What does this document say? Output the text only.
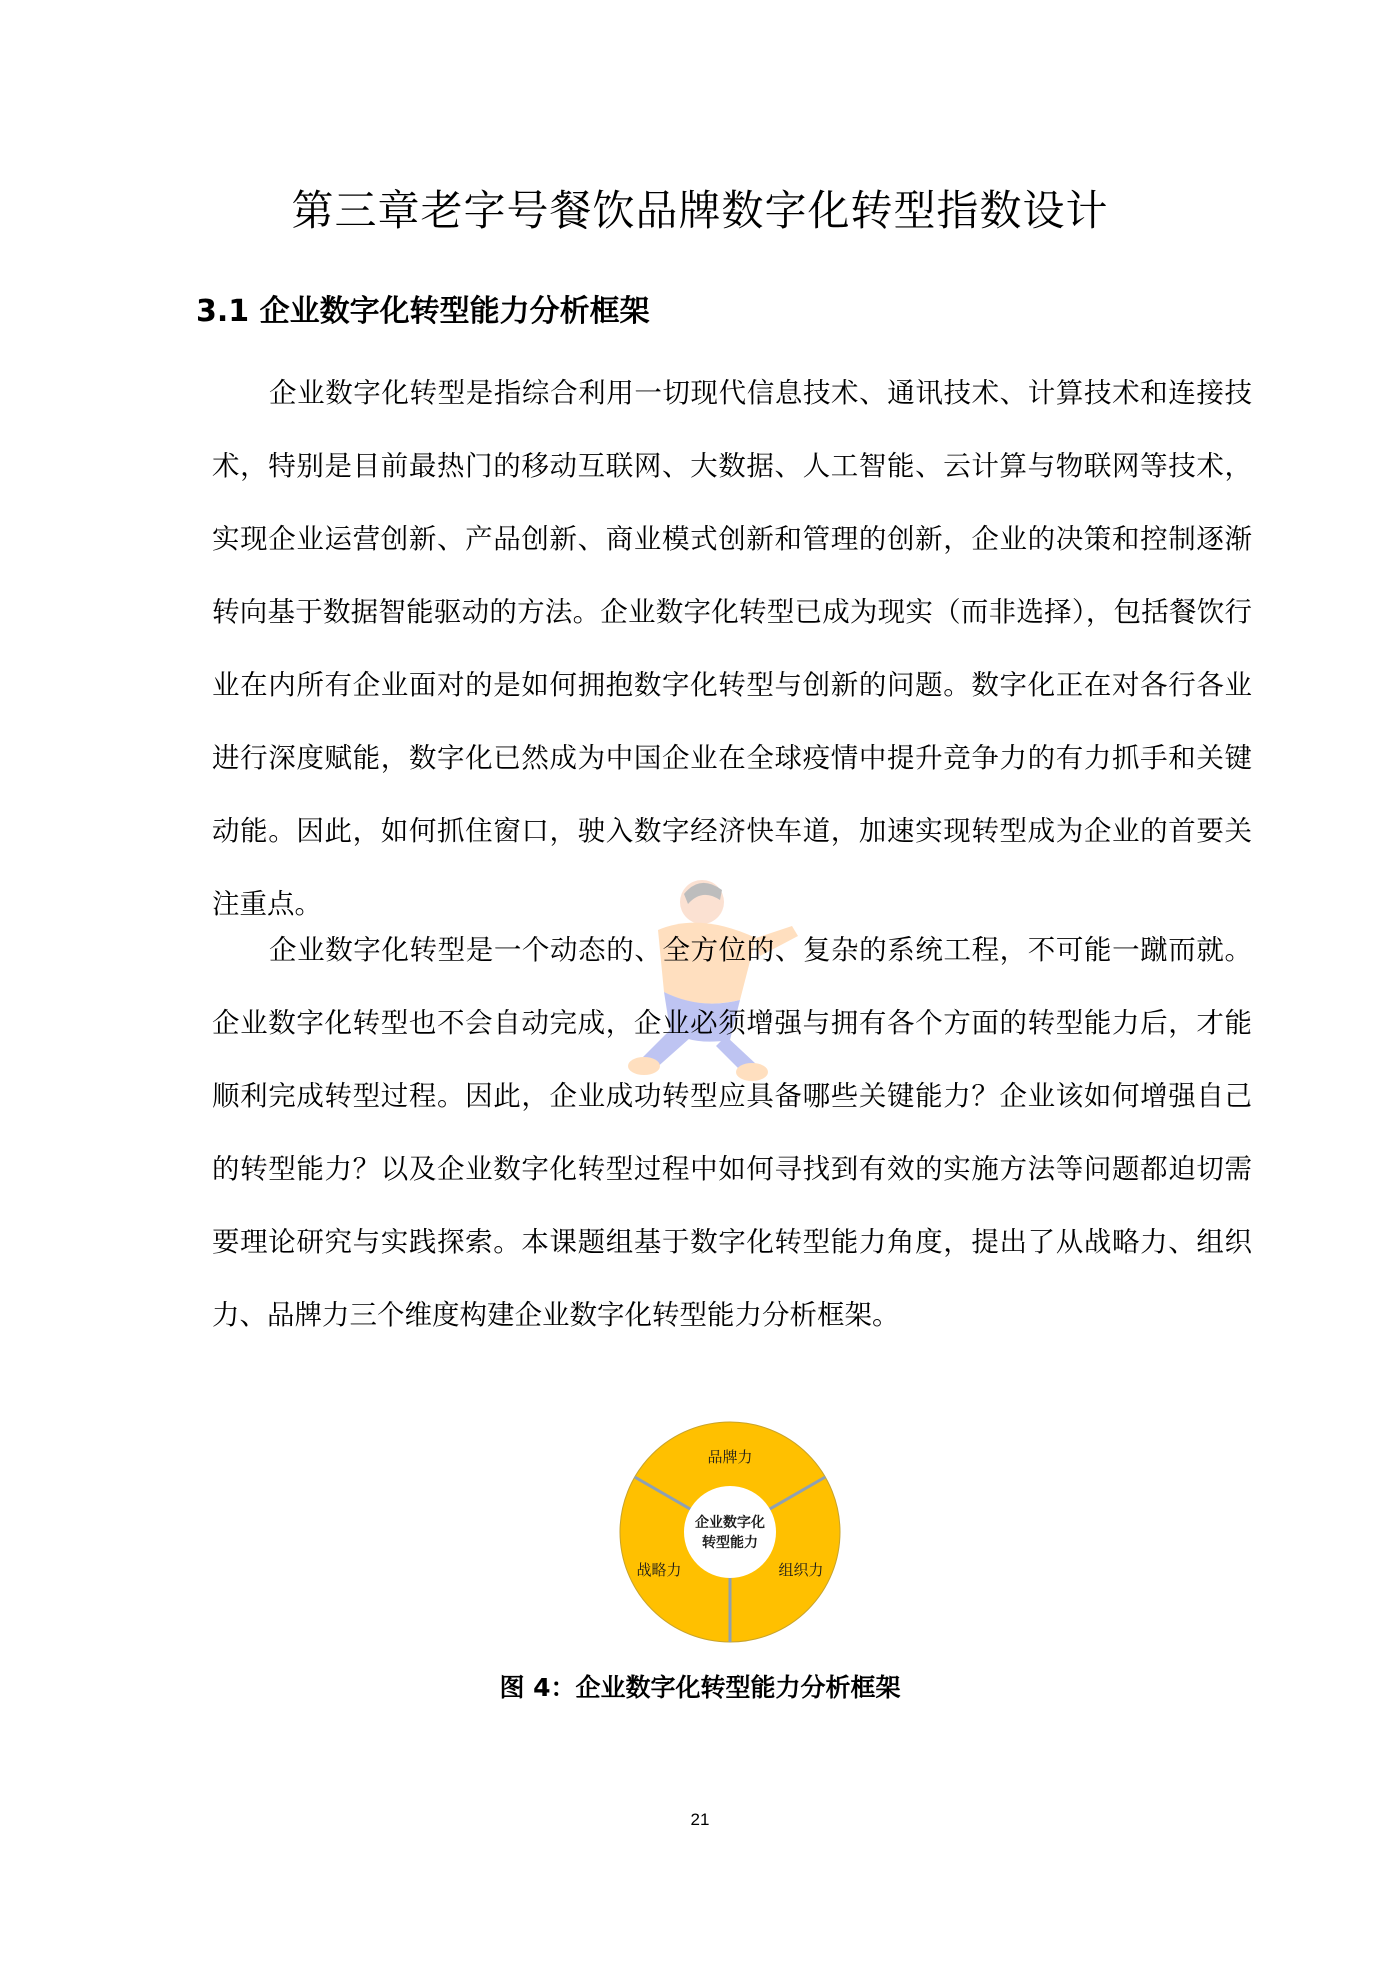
第三章老字号餐饮品牌数字化转型指数设计
3.1 企业数字化转型能力分析框架

企业数字化转型是指综合利用一切现代信息技术、通讯技术、计算技术和连接技术，特别是目前最热门的移动互联网、大数据、人工智能、云计算与物联网等技术，实现企业运营创新、产品创新、商业模式创新和管理的创新，企业的决策和控制逐渐转向基于数据智能驱动的方法。企业数字化转型已成为现实（而非选择），包括餐饮行业在内所有企业面对的是如何拥抱数字化转型与创新的问题。数字化正在对各行各业进行深度赋能，数字化已然成为中国企业在全球疫情中提升竞争力的有力抓手和关键动能。因此，如何抓住窗口，驶入数字经济快车道，加速实现转型成为企业的首要关注重点。

企业数字化转型是一个动态的、全方位的、复杂的系统工程，不可能一蹴而就。企业数字化转型也不会自动完成，企业必须增强与拥有各个方面的转型能力后，才能顺利完成转型过程。因此，企业成功转型应具备哪些关键能力？企业该如何增强自己的转型能力？以及企业数字化转型过程中如何寻找到有效的实施方法等问题都迫切需要理论研究与实践探索。本课题组基于数字化转型能力角度，提出了从战略力、组织力、品牌力三个维度构建企业数字化转型能力分析框架。

企业数字化
转型能力
品牌力
组织力
战略力
图 4：企业数字化转型能力分析框架
21
